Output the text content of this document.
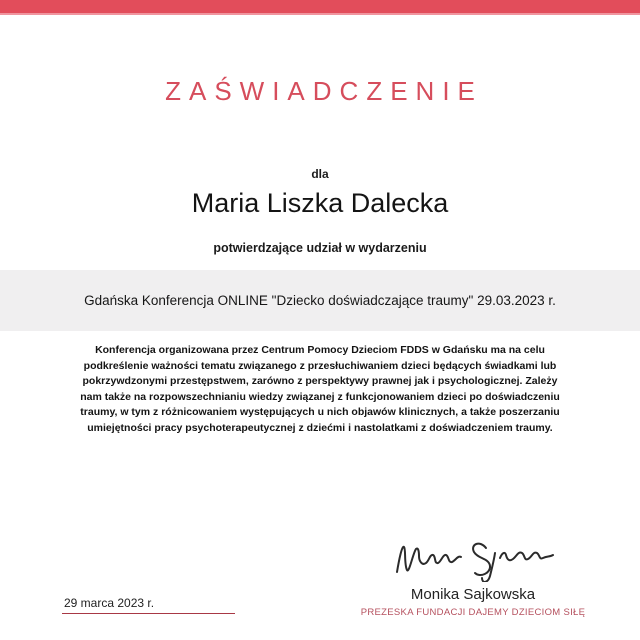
ZAŚWIADCZENIE
dla
Maria Liszka Dalecka
potwierdzające udział w wydarzeniu
Gdańska Konferencja ONLINE "Dziecko doświadczające traumy" 29.03.2023 r.
Konferencja organizowana przez Centrum Pomocy Dzieciom FDDS w Gdańsku ma na celu
podkreślenie ważności tematu związanego z przesłuchiwaniem dzieci będących świadkami lub
pokrzywdzonymi przestępstwem, zarówno z perspektywy prawnej jak i psychologicznej. Zależy
nam także na rozpowszechnianiu wiedzy związanej z funkcjonowaniem dzieci po doświadczeniu
traumy, w tym z różnicowaniem występujących u nich objawów klinicznych, a także poszerzaniu
umiejętności pracy psychoterapeutycznej z dziećmi i nastolatkami z doświadczeniem traumy.
Monika Sajkowska
PREZESKA FUNDACJI DAJEMY DZIECIOM SIŁĘ
29 marca 2023 r.
